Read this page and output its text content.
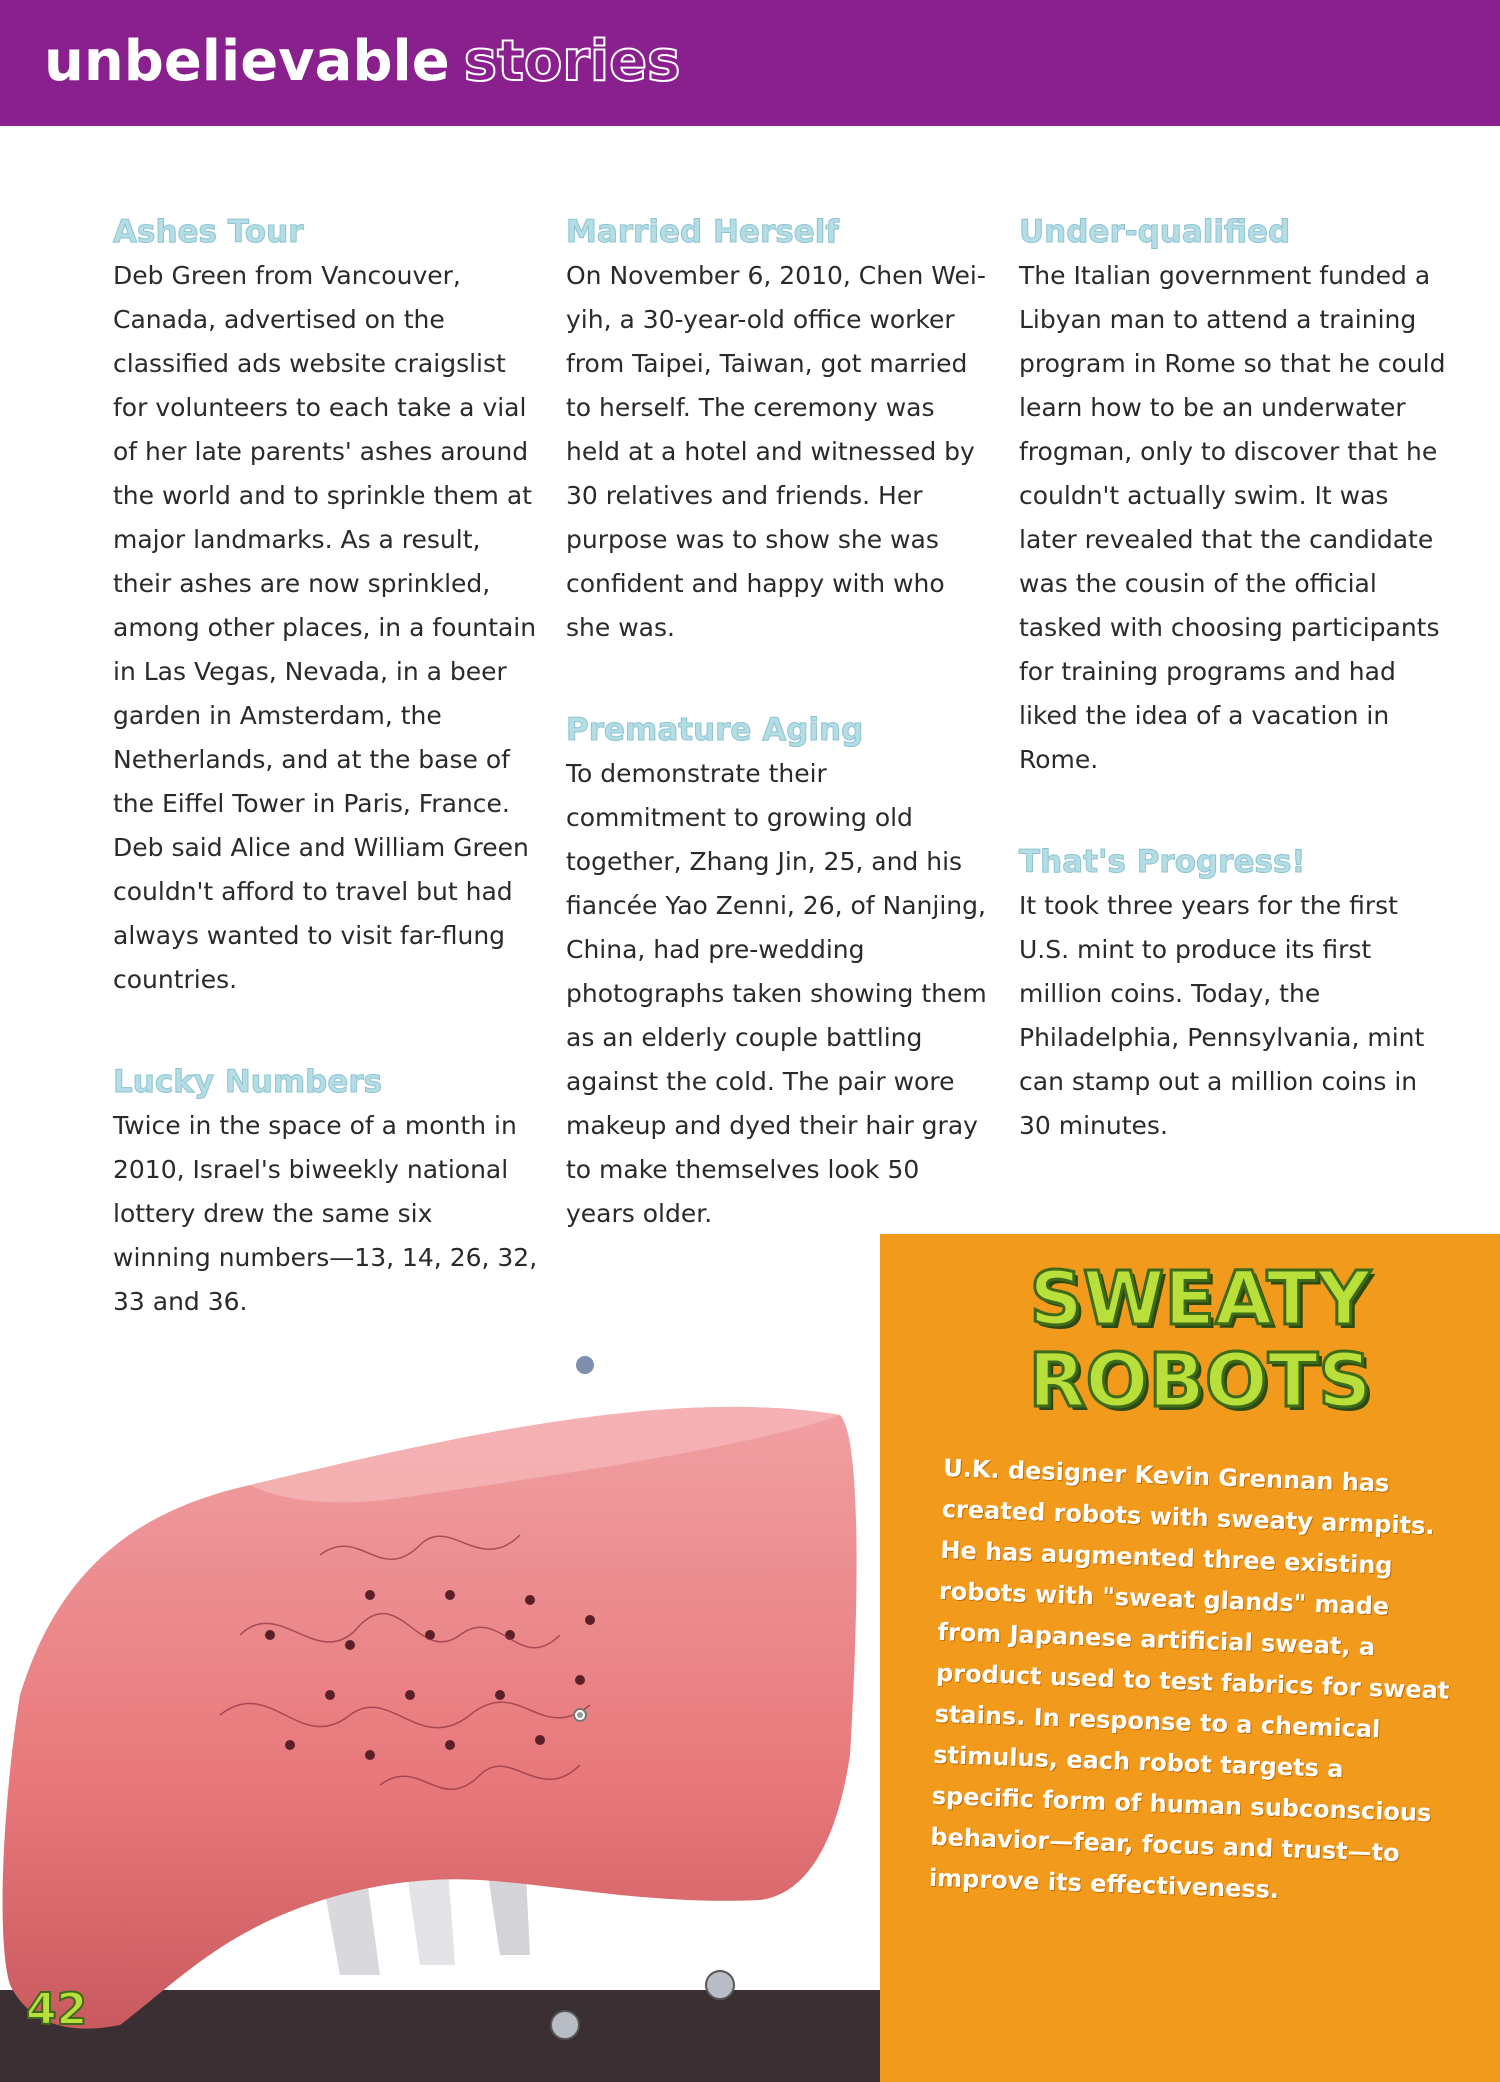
unbelievable stories
Ashes Tour

Deb Green from Vancouver, Canada, advertised on the classified ads website craigslist for volunteers to each take a vial of her late parents' ashes around the world and to sprinkle them at major landmarks. As a result, their ashes are now sprinkled, among other places, in a fountain in Las Vegas, Nevada, in a beer garden in Amsterdam, the Netherlands, and at the base of the Eiffel Tower in Paris, France. Deb said Alice and William Green couldn't afford to travel but had always wanted to visit far-flung countries.

Lucky Numbers

Twice in the space of a month in 2010, Israel's biweekly national lottery drew the same six winning numbers—13, 14, 26, 32, 33 and 36.

Married Herself

On November 6, 2010, Chen Wei-yih, a 30-year-old office worker from Taipei, Taiwan, got married to herself. The ceremony was held at a hotel and witnessed by 30 relatives and friends. Her purpose was to show she was confident and happy with who she was.

Premature Aging

To demonstrate their commitment to growing old together, Zhang Jin, 25, and his fiancée Yao Zenni, 26, of Nanjing, China, had pre-wedding photographs taken showing them as an elderly couple battling against the cold. The pair wore makeup and dyed their hair gray to make themselves look 50 years older.

Under-qualified

The Italian government funded a Libyan man to attend a training program in Rome so that he could learn how to be an underwater frogman, only to discover that he couldn't actually swim. It was later revealed that the candidate was the cousin of the official tasked with choosing participants for training programs and had liked the idea of a vacation in Rome.

That's Progress!

It took three years for the first U.S. mint to produce its first million coins. Today, the Philadelphia, Pennsylvania, mint can stamp out a million coins in 30 minutes.

SWEATY
ROBOTS
U.K. designer Kevin Grennan has created robots with sweaty armpits. He has augmented three existing robots with "sweat glands" made from Japanese artificial sweat, a product used to test fabrics for sweat stains. In response to a chemical stimulus, each robot targets a specific form of human subconscious behavior—fear, focus and trust—to improve its effectiveness.
42
